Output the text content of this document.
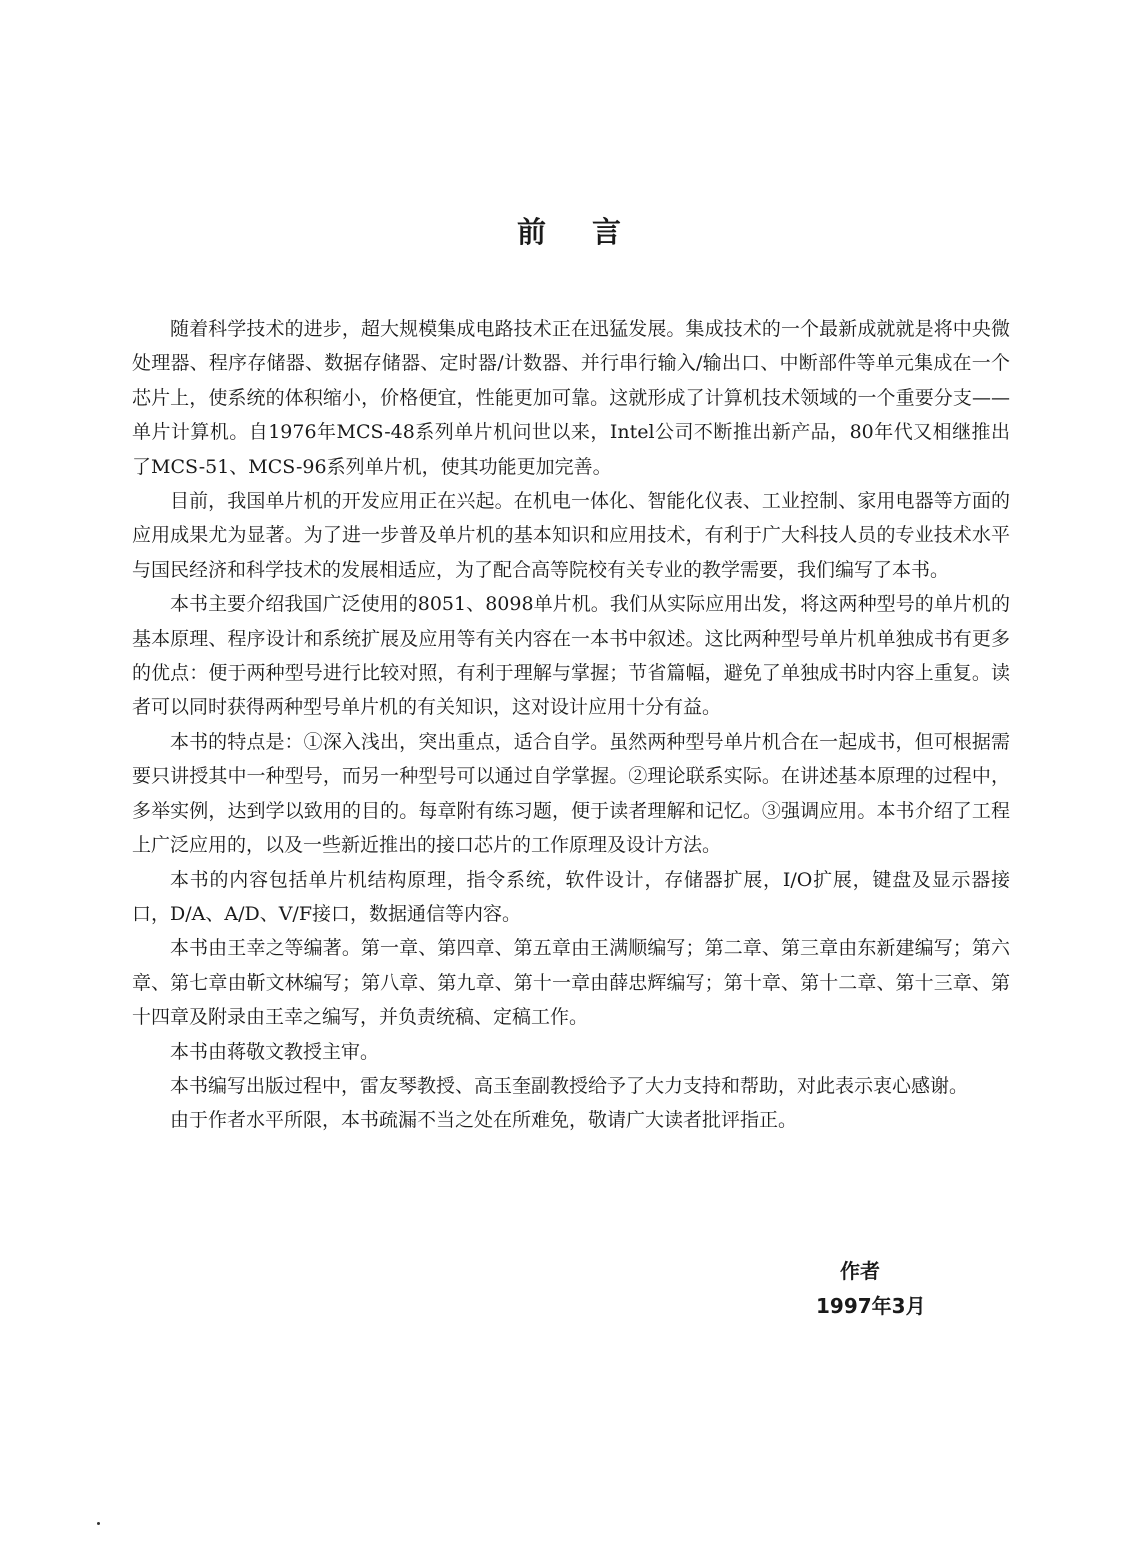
前言

随着科学技术的进步，超大规模集成电路技术正在迅猛发展。集成技术的一个最新成就就是将中央微处理器、程序存储器、数据存储器、定时器/计数器、并行串行输入/输出口、中断部件等单元集成在一个芯片上，使系统的体积缩小，价格便宜，性能更加可靠。这就形成了计算机技术领域的一个重要分支——单片计算机。自1976年MCS-48系列单片机问世以来，Intel公司不断推出新产品，80年代又相继推出了MCS-51、MCS-96系列单片机，使其功能更加完善。

目前，我国单片机的开发应用正在兴起。在机电一体化、智能化仪表、工业控制、家用电器等方面的应用成果尤为显著。为了进一步普及单片机的基本知识和应用技术，有利于广大科技人员的专业技术水平与国民经济和科学技术的发展相适应，为了配合高等院校有关专业的教学需要，我们编写了本书。

本书主要介绍我国广泛使用的8051、8098单片机。我们从实际应用出发，将这两种型号的单片机的基本原理、程序设计和系统扩展及应用等有关内容在一本书中叙述。这比两种型号单片机单独成书有更多的优点：便于两种型号进行比较对照，有利于理解与掌握；节省篇幅，避免了单独成书时内容上重复。读者可以同时获得两种型号单片机的有关知识，这对设计应用十分有益。

本书的特点是：①深入浅出，突出重点，适合自学。虽然两种型号单片机合在一起成书，但可根据需要只讲授其中一种型号，而另一种型号可以通过自学掌握。②理论联系实际。在讲述基本原理的过程中，多举实例，达到学以致用的目的。每章附有练习题，便于读者理解和记忆。③强调应用。本书介绍了工程上广泛应用的，以及一些新近推出的接口芯片的工作原理及设计方法。

本书的内容包括单片机结构原理，指令系统，软件设计，存储器扩展，I/O扩展，键盘及显示器接口，D/A、A/D、V/F接口，数据通信等内容。

本书由王幸之等编著。第一章、第四章、第五章由王满顺编写；第二章、第三章由东新建编写；第六章、第七章由靳文林编写；第八章、第九章、第十一章由薛忠辉编写；第十章、第十二章、第十三章、第十四章及附录由王幸之编写，并负责统稿、定稿工作。

本书由蒋敬文教授主审。

本书编写出版过程中，雷友琴教授、高玉奎副教授给予了大力支持和帮助，对此表示衷心感谢。

由于作者水平所限，本书疏漏不当之处在所难免，敬请广大读者批评指正。

作者
1997年3月
